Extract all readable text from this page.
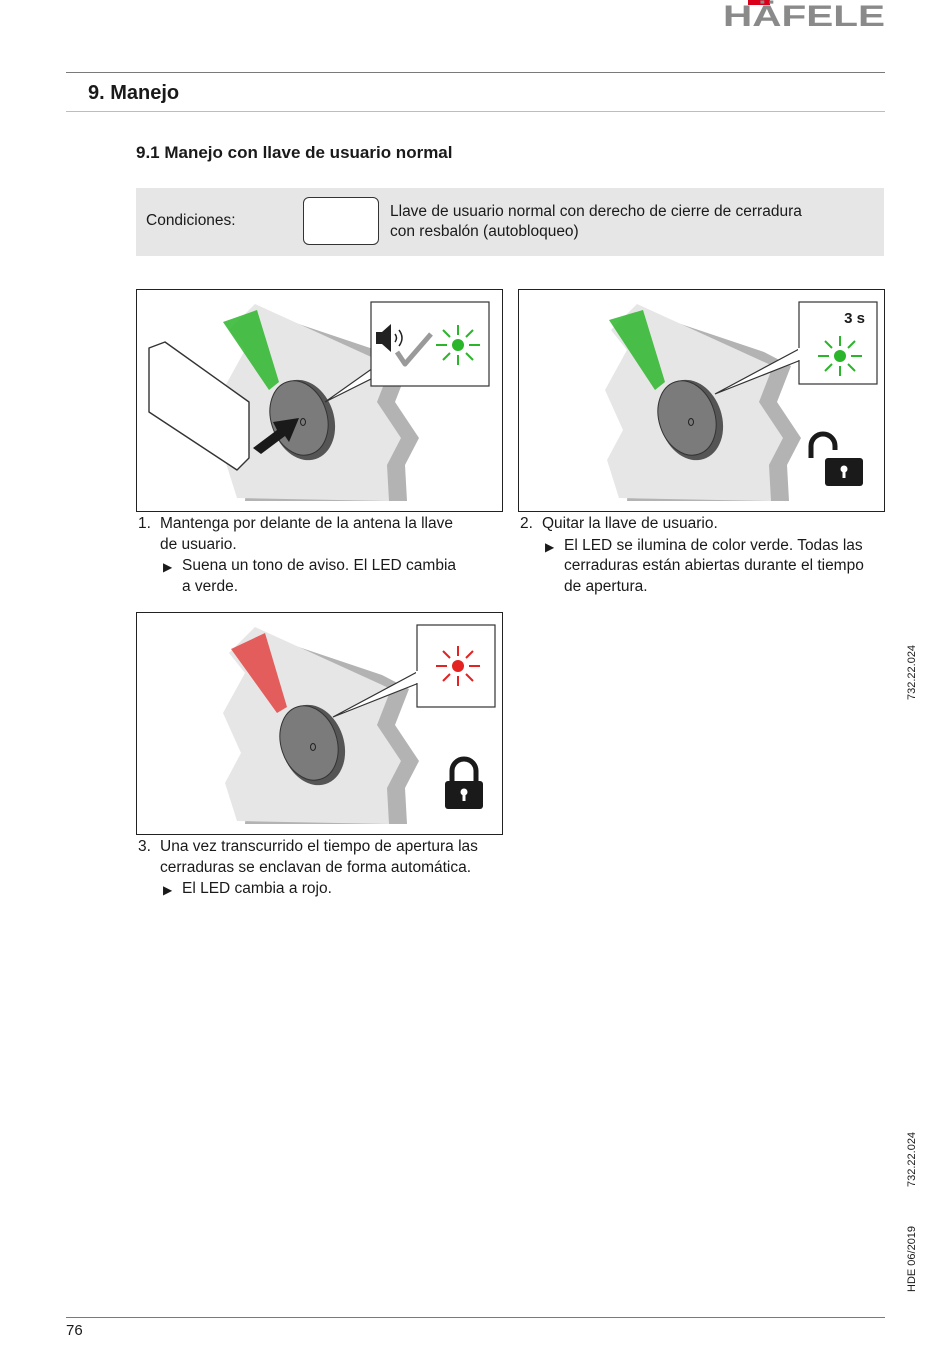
HÄFELE
9. Manejo
9.1 Manejo con llave de usuario normal
Condiciones:
Llave de usuario normal con derecho de cierre de cerradura
con resbalón (autobloqueo)
3 s
1. Mantenga por delante de la antena la llave
de usuario.
▶ Suena un tono de aviso. El LED cambia
a verde.
2. Quitar la llave de usuario.
▶ El LED se ilumina de color verde. Todas las
cerraduras están abiertas durante el tiempo
de apertura.
3. Una vez transcurrido el tiempo de apertura las
cerraduras se enclavan de forma automática.
▶ El LED cambia a rojo.
732.22.024
732.22.024
HDE 06/2019
76
